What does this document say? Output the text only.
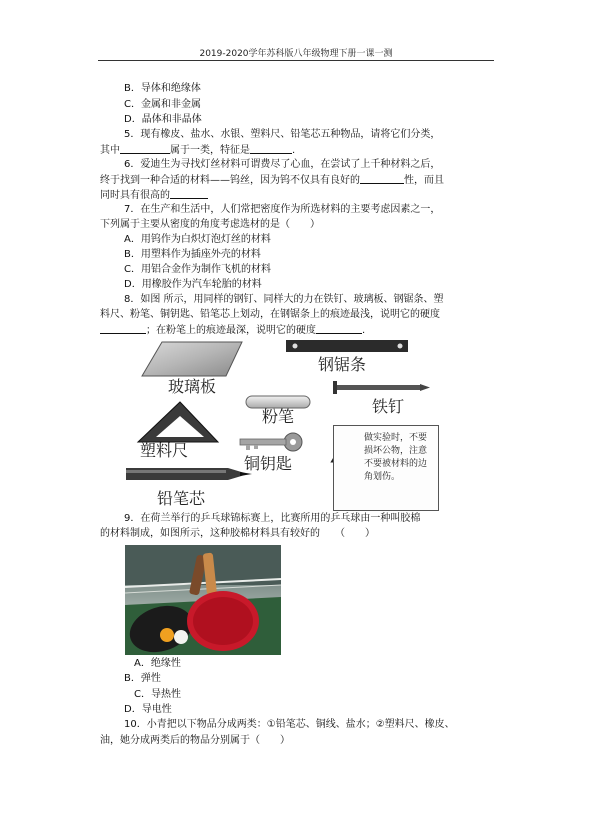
2019-2020学年苏科版八年级物理下册一课一测
B．导体和绝缘体
C．金属和非金属
D．晶体和非晶体
5．现有橡皮、盐水、水银、塑料尺、铅笔芯五种物品，请将它们分类，
其中	属于一类，特征是	.
6．爱迪生为寻找灯丝材料可谓费尽了心血，在尝试了上千种材料之后，
终于找到一种合适的材料——钨丝，因为钨不仅具有良好的	性，而且
同时具有很高的
7．在生产和生活中，人们常把密度作为所选材料的主要考虑因素之一，
下列属于主要从密度的角度考虑选材的是（　　）
A．用钨作为白炽灯泡灯丝的材料
B．用塑料作为插座外壳的材料
C．用铝合金作为制作飞机的材料
D．用橡胶作为汽车轮胎的材料
8．如图 所示，用同样的钢钉、同样大的力在铁钉、玻璃板、钢锯条、塑
料尺、粉笔、铜钥匙、铅笔芯上划动，在钢锯条上的痕迹最浅，说明它的硬度
；在粉笔上的痕迹最深，说明它的硬度	.
做实验时，不要损坏公物，注意不要被材料的边角划伤。
玻璃板
钢锯条
粉笔
铁钉
塑料尺
铜钥匙
铅笔芯
9．在荷兰举行的乒乓球锦标赛上，比赛所用的乒乓球由一种叫胶棉
的材料制成，如图所示，这种胶棉材料具有较好的　　（　　）
A．绝缘性
B．弹性
C．导热性
D．导电性
10．小青把以下物品分成两类：①铅笔芯、铜线、盐水；②塑料尺、橡皮、
油，她分成两类后的物品分别属于（　　）
